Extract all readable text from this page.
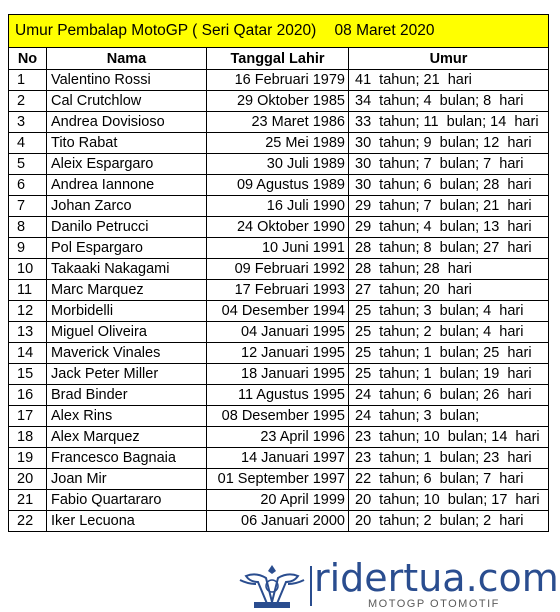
Umur Pembalap MotoGP ( Seri Qatar 2020) 08 Maret 2020			
No	Nama	Tanggal Lahir	Umur
1	Valentino Rossi	16 Februari 1979	41  tahun; 21  hari
2	Cal Crutchlow	29 Oktober 1985	34  tahun; 4  bulan; 8  hari
3	Andrea Dovisioso	23 Maret 1986	33  tahun; 11  bulan; 14  hari
4	Tito Rabat	25 Mei 1989	30  tahun; 9  bulan; 12  hari
5	Aleix Espargaro	30 Juli 1989	30  tahun; 7  bulan; 7  hari
6	Andrea Iannone	09 Agustus 1989	30  tahun; 6  bulan; 28  hari
7	Johan Zarco	16 Juli 1990	29  tahun; 7  bulan; 21  hari
8	Danilo Petrucci	24 Oktober 1990	29  tahun; 4  bulan; 13  hari
9	Pol Espargaro	10 Juni 1991	28  tahun; 8  bulan; 27  hari
10	Takaaki Nakagami	09 Februari 1992	28  tahun; 28  hari
11	Marc Marquez	17 Februari 1993	27  tahun; 20  hari
12	Morbidelli	04 Desember 1994	25  tahun; 3  bulan; 4  hari
13	Miguel Oliveira	04 Januari 1995	25  tahun; 2  bulan; 4  hari
14	Maverick Vinales	12 Januari 1995	25  tahun; 1  bulan; 25  hari
15	Jack Peter Miller	18 Januari 1995	25  tahun; 1  bulan; 19  hari
16	Brad Binder	11 Agustus 1995	24  tahun; 6  bulan; 26  hari
17	Alex Rins	08 Desember 1995	24  tahun; 3  bulan;
18	Alex Marquez	23 April 1996	23  tahun; 10  bulan; 14  hari
19	Francesco Bagnaia	14 Januari 1997	23  tahun; 1  bulan; 23  hari
20	Joan Mir	01 September 1997	22  tahun; 6  bulan; 7  hari
21	Fabio Quartararo	20 April 1999	20  tahun; 10  bulan; 17  hari
22	Iker Lecuona	06 Januari 2000	20  tahun; 2  bulan; 2  hari
ridertua.com
MOTOGP OTOMOTIF
